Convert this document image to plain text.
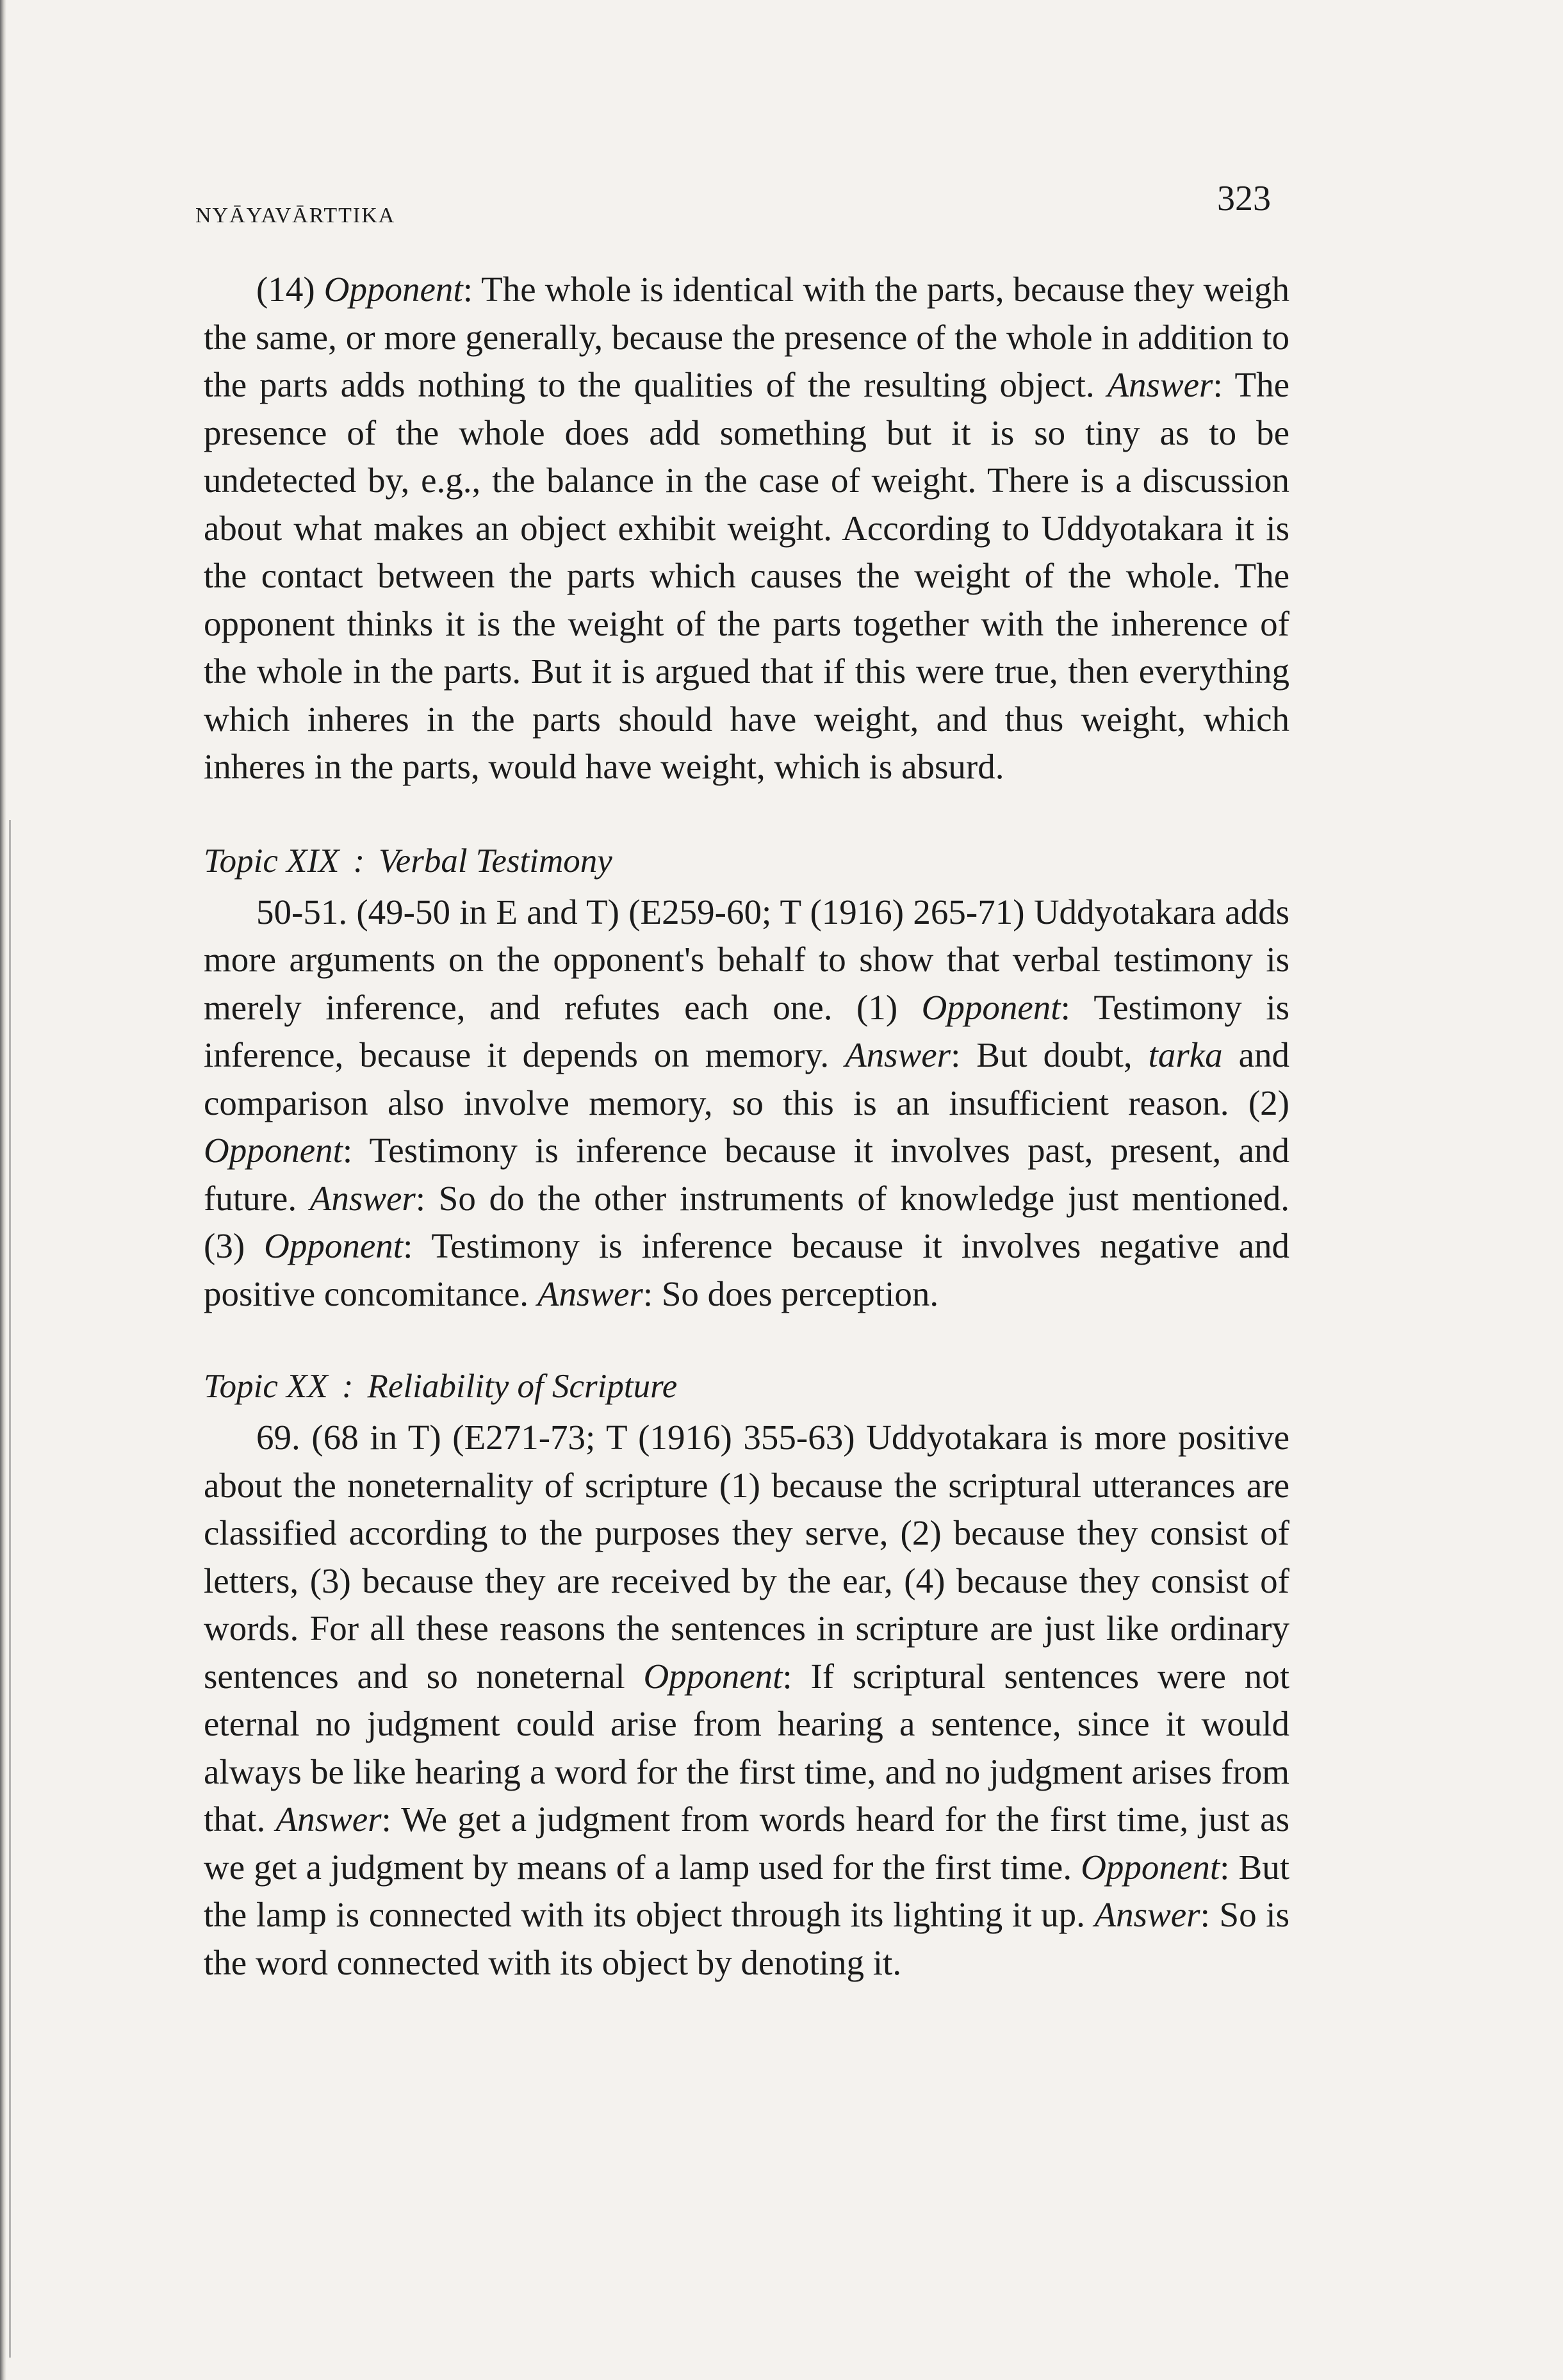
NYĀYAVĀRTTIKA	323

(14) Opponent: The whole is identical with the parts, because they weigh the same, or more generally, because the presence of the whole in addition to the parts adds nothing to the qualities of the resulting object. Answer: The presence of the whole does add something but it is so tiny as to be undetected by, e.g., the balance in the case of weight. There is a discussion about what makes an object exhibit weight. According to Uddyotakara it is the contact between the parts which causes the weight of the whole. The opponent thinks it is the weight of the parts together with the inherence of the whole in the parts. But it is argued that if this were true, then everything which inheres in the parts should have weight, and thus weight, which inheres in the parts, would have weight, which is absurd.

Topic XIX : Verbal Testimony

50-51. (49-50 in E and T) (E259-60; T (1916) 265-71) Uddyotakara adds more arguments on the opponent's behalf to show that verbal testimony is merely inference, and refutes each one. (1) Opponent: Testimony is inference, because it depends on memory. Answer: But doubt, tarka and comparison also involve memory, so this is an insufficient reason. (2) Opponent: Testimony is inference because it involves past, present, and future. Answer: So do the other instruments of knowledge just mentioned. (3) Opponent: Testimony is inference because it involves negative and positive concomitance. Answer: So does perception.

Topic XX : Reliability of Scripture

69. (68 in T) (E271-73; T (1916) 355-63) Uddyotakara is more positive about the noneternality of scripture (1) because the scriptural utterances are classified according to the purposes they serve, (2) because they consist of letters, (3) because they are received by the ear, (4) because they consist of words. For all these reasons the sentences in scripture are just like ordinary sentences and so noneternal Opponent: If scriptural sentences were not eternal no judgment could arise from hearing a sentence, since it would always be like hearing a word for the first time, and no judgment arises from that. Answer: We get a judgment from words heard for the first time, just as we get a judgment by means of a lamp used for the first time. Opponent: But the lamp is connected with its object through its lighting it up. Answer: So is the word connected with its object by denoting it.
